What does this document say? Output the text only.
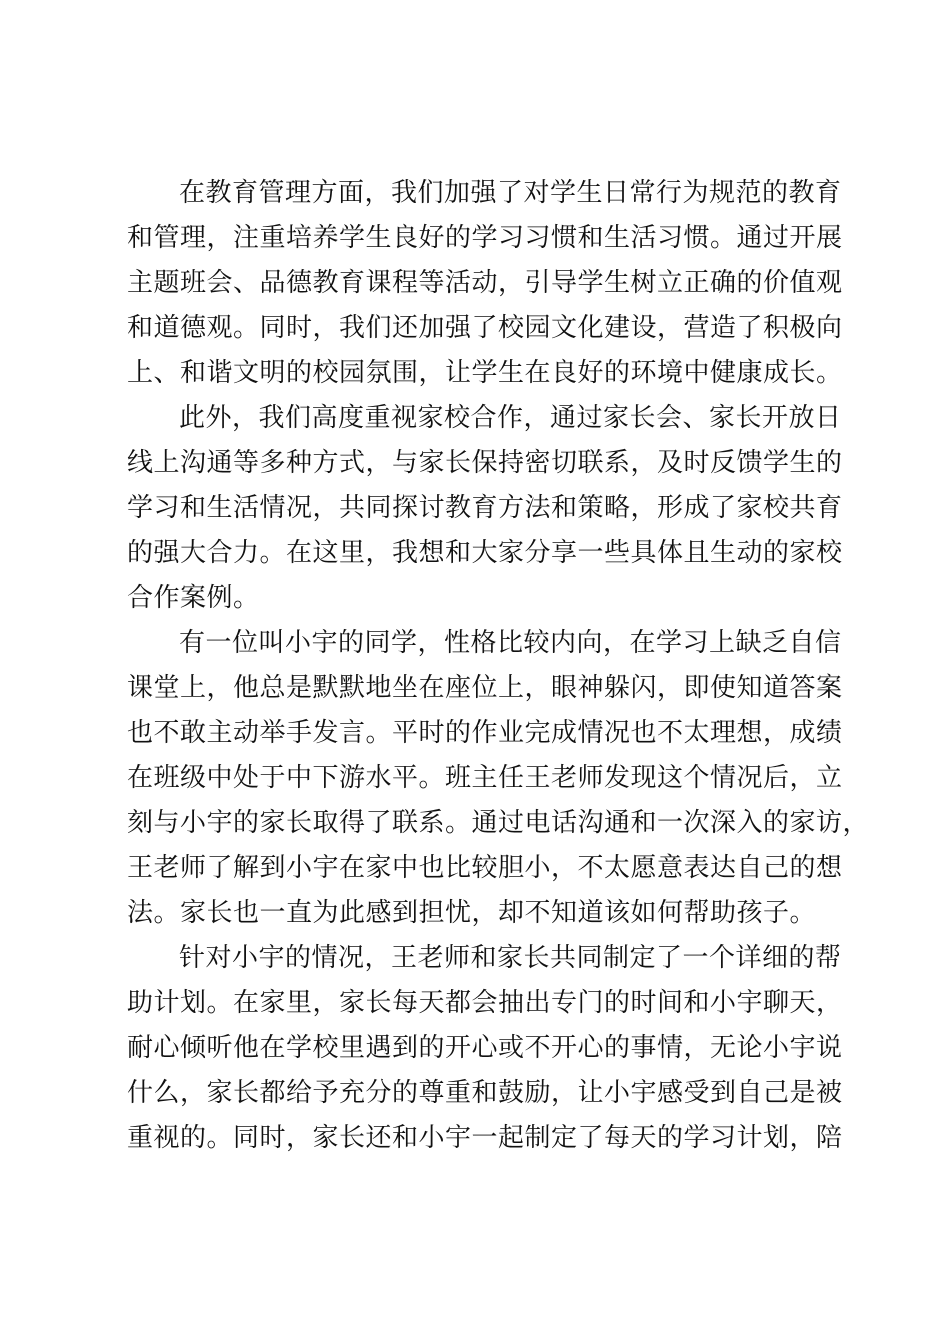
在教育管理方面，我们加强了对学生日常行为规范的教育
和管理，注重培养学生良好的学习习惯和生活习惯。通过开展
主题班会、品德教育课程等活动，引导学生树立正确的价值观
和道德观。同时，我们还加强了校园文化建设，营造了积极向
上、和谐文明的校园氛围，让学生在良好的环境中健康成长。
此外，我们高度重视家校合作，通过家长会、家长开放日
线上沟通等多种方式，与家长保持密切联系，及时反馈学生的
学习和生活情况，共同探讨教育方法和策略，形成了家校共育
的强大合力。在这里，我想和大家分享一些具体且生动的家校
合作案例。
有一位叫小宇的同学，性格比较内向，在学习上缺乏自信
课堂上，他总是默默地坐在座位上，眼神躲闪，即使知道答案
也不敢主动举手发言。平时的作业完成情况也不太理想，成绩
在班级中处于中下游水平。班主任王老师发现这个情况后，立
刻与小宇的家长取得了联系。通过电话沟通和一次深入的家访，
王老师了解到小宇在家中也比较胆小，不太愿意表达自己的想
法。家长也一直为此感到担忧，却不知道该如何帮助孩子。
针对小宇的情况，王老师和家长共同制定了一个详细的帮
助计划。在家里，家长每天都会抽出专门的时间和小宇聊天，
耐心倾听他在学校里遇到的开心或不开心的事情，无论小宇说
什么，家长都给予充分的尊重和鼓励，让小宇感受到自己是被
重视的。同时，家长还和小宇一起制定了每天的学习计划，陪
